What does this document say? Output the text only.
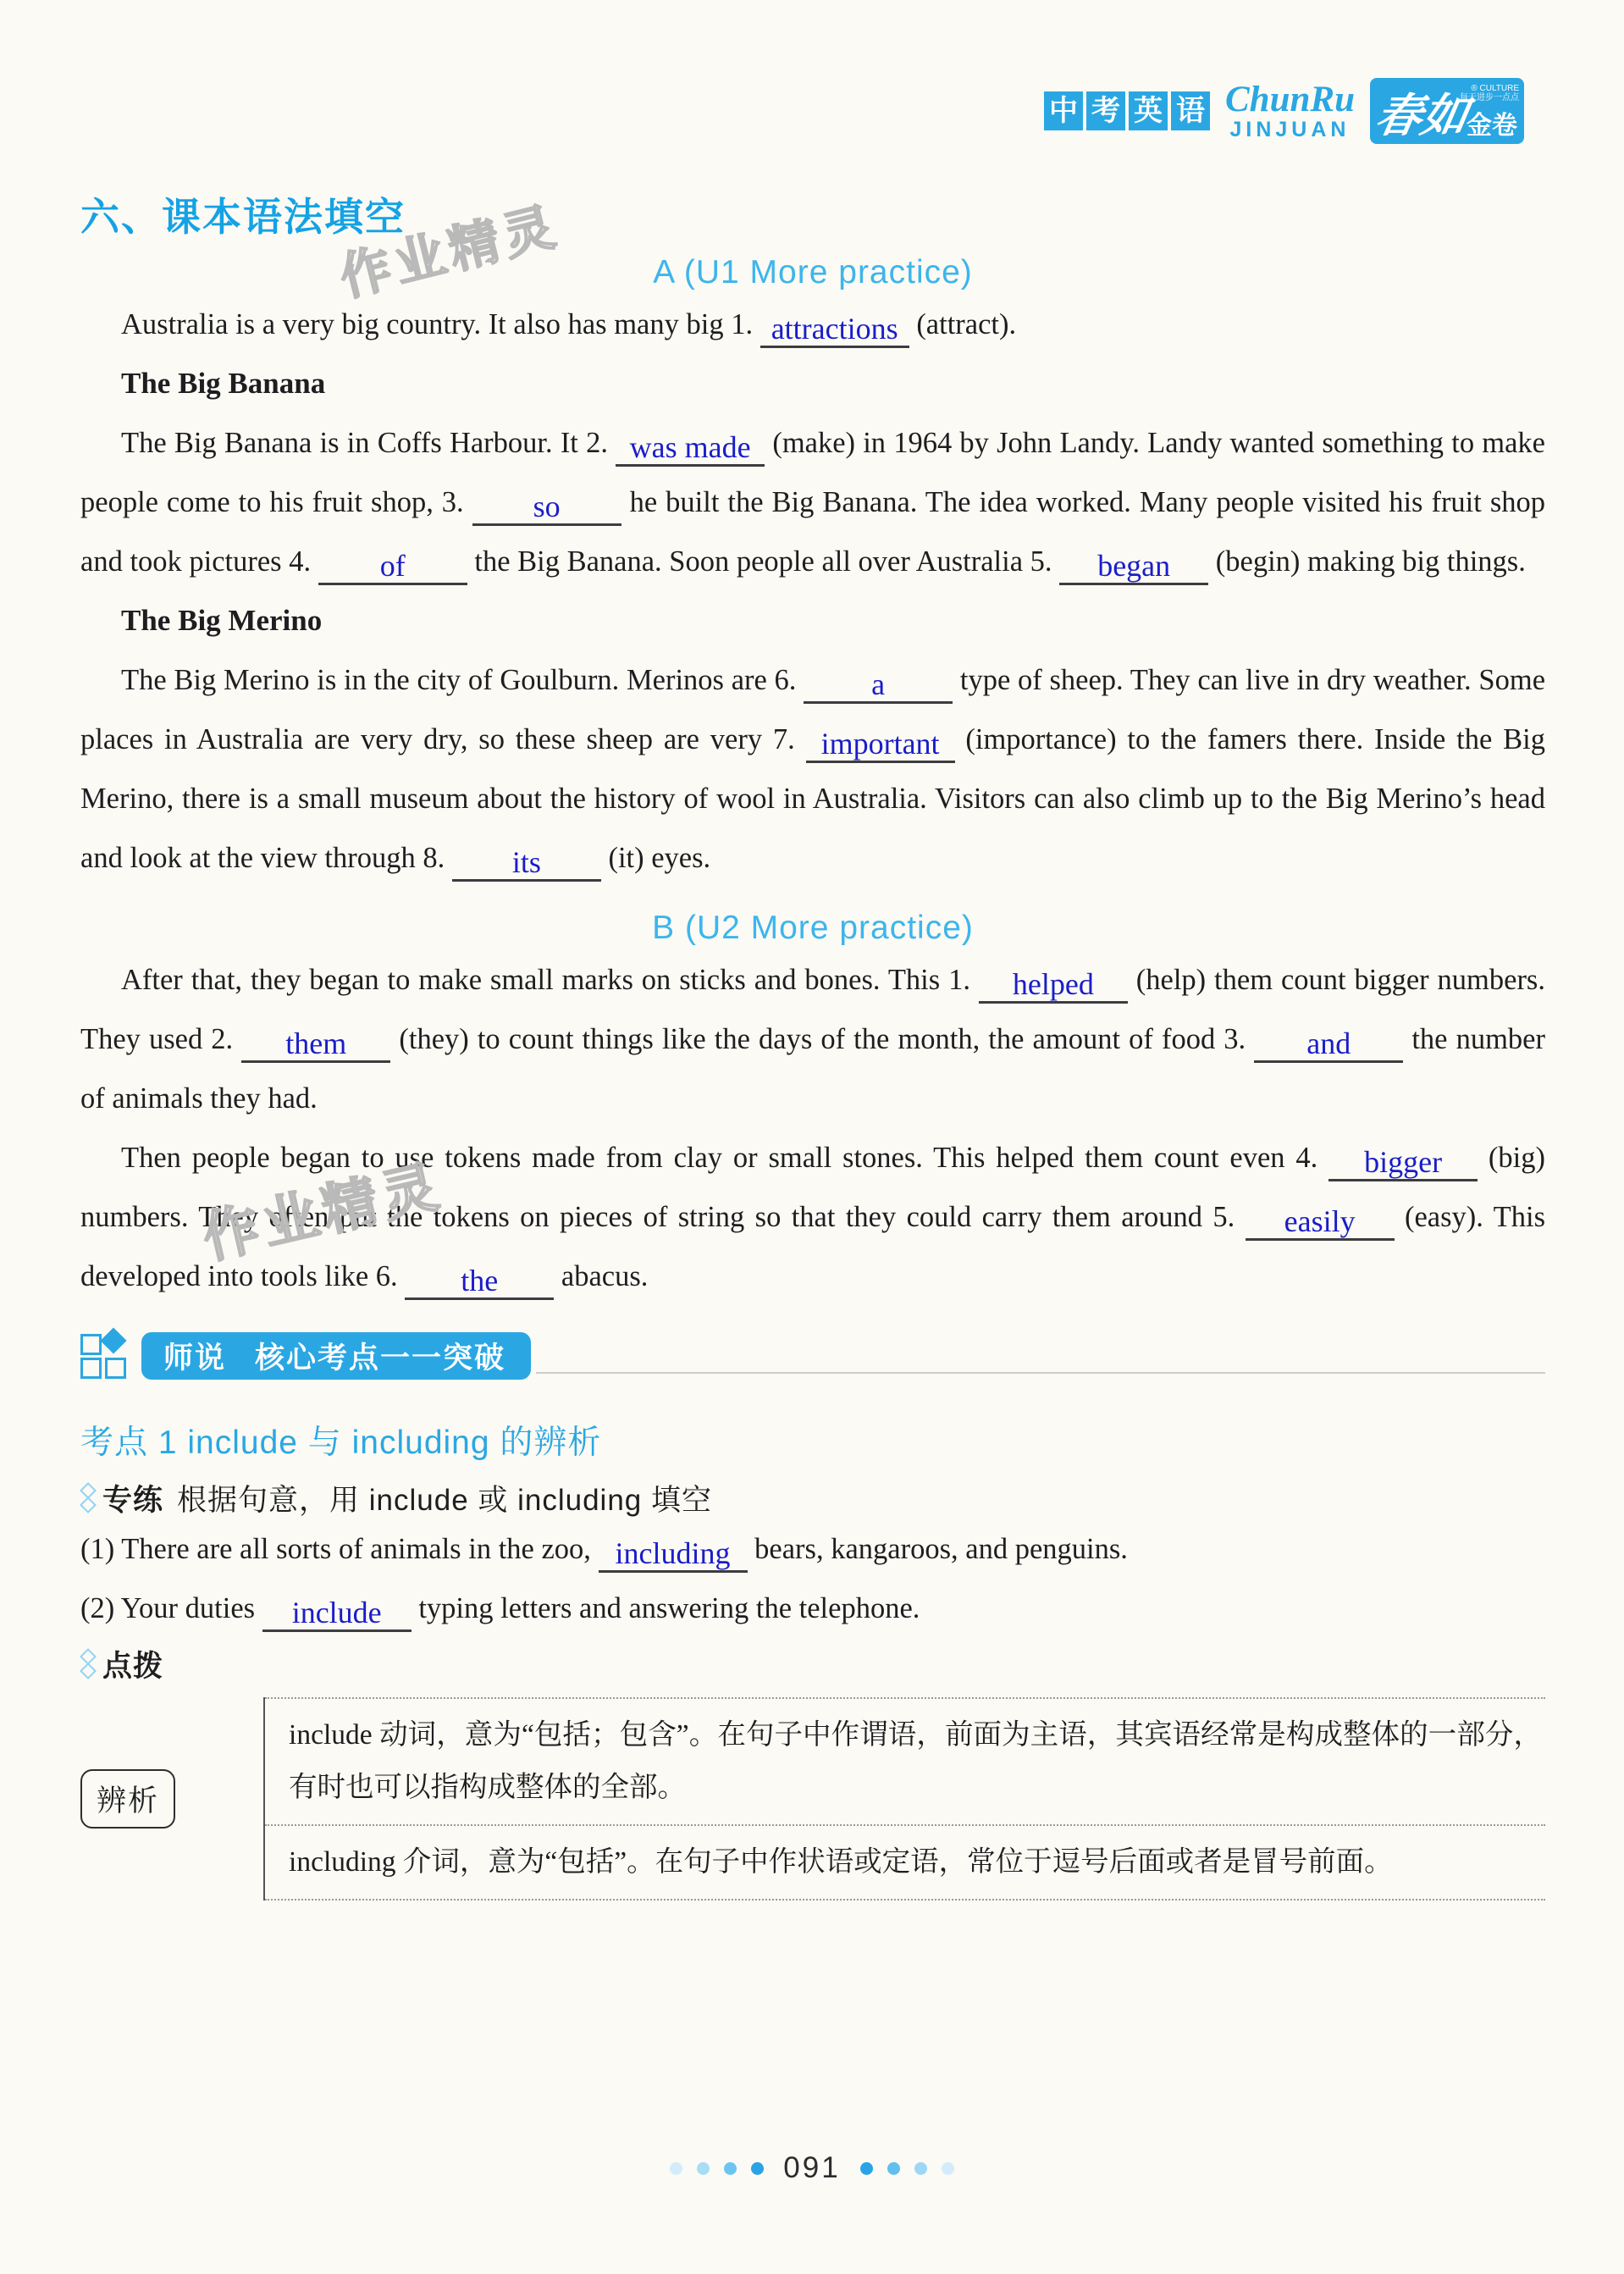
作业精灵
作业精灵
中 考 英 语 ChunRu
JINJUAN 春如
金卷
® CULTURE
每天进步一点点
六、课本语法填空
A (U1 More practice)
Australia is a very big country. It also has many big 1. attractions (attract).
The Big Banana
The Big Banana is in Coffs Harbour. It 2. was made (make) in 1964 by John Landy. Landy wanted something to make people come to his fruit shop, 3. so he built the Big Banana. The idea worked. Many people visited his fruit shop and took pictures 4. of the Big Banana. Soon people all over Australia 5. began (begin) making big things.
The Big Merino
The Big Merino is in the city of Goulburn. Merinos are 6. a type of sheep. They can live in dry weather. Some places in Australia are very dry, so these sheep are very 7. important (importance) to the famers there. Inside the Big Merino, there is a small museum about the history of wool in Australia. Visitors can also climb up to the Big Merino’s head and look at the view through 8. its (it) eyes.
B (U2 More practice)
After that, they began to make small marks on sticks and bones. This 1. helped (help) them count bigger numbers. They used 2. them (they) to count things like the days of the month, the amount of food 3. and the number of animals they had.
Then people began to use tokens made from clay or small stones. This helped them count even 4. bigger (big) numbers. They often put the tokens on pieces of string so that they could carry them around 5. easily (easy). This developed into tools like 6. the abacus.
师说 核心考点一一突破
考点 1 include 与 including 的辨析
专练 根据句意，用 include 或 including 填空
(1) There are all sorts of animals in the zoo, including bears, kangaroos, and penguins.
(2) Your duties include typing letters and answering the telephone.
点拨
辨析
include 动词，意为“包括；包含”。在句子中作谓语，前面为主语，其宾语经常是构成整体的一部分，有时也可以指构成整体的全部。
including 介词，意为“包括”。在句子中作状语或定语，常位于逗号后面或者是冒号前面。
091
